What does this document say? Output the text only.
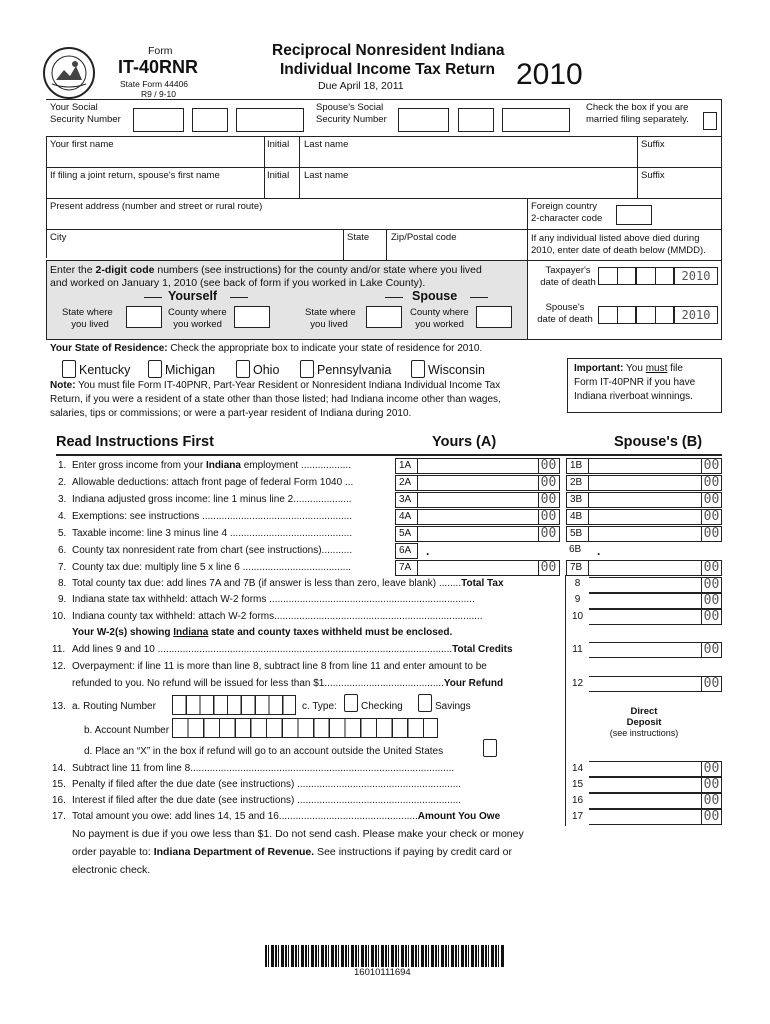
Form
IT-40RNR
State Form 44406
R9 / 9-10
Reciprocal Nonresident Indiana
Individual Income Tax Return
Due April 18, 2011	2010
Your Social
Security Number
Spouse's Social
Security Number
Check the box if you are
married filing separately.
Your first name	Initial Last name	Suffix
If filing a joint return, spouse's first name	Initial Last name	Suffix
Present address (number and street or rural route)	Foreign country
2-character code
City	State Zip/Postal code	If any individual listed above died during
2010, enter date of death below (MMDD).
Enter the 2-digit code numbers (see instructions) for the county and/or state where you lived
and worked on January 1, 2010 (see back of form if you worked in Lake County).
Yourself	Spouse
State where
you lived
County where
you worked
State where
you lived
County where
you worked
Taxpayer's
date of death	2010
Spouse's
date of death	2010
Your State of Residence: Check the appropriate box to indicate your state of residence for 2010.
Kentucky	Michigan	Ohio	Pennsylvania	Wisconsin
Note: You must file Form IT-40PNR, Part-Year Resident or Nonresident Indiana Individual Income Tax
Return, if you were a resident of a state other than those listed; had Indiana income other than wages,
salaries, tips or commissions; or were a part-year resident of Indiana during 2010.
Important: You must file
Form IT-40PNR if you have
Indiana riverboat winnings.
Read Instructions First	Yours (A)	Spouse's (B)
1. Enter gross income from your Indiana employment ..................	1A	00	1B	00
2. Allowable deductions: attach front page of federal Form 1040 ...	2A	00	2B	00
3. Indiana adjusted gross income: line 1 minus line 2.....................	3A	00	3B	00
4. Exemptions: see instructions ......................................................	4A	00	4B	00
5. Taxable income: line 3 minus line 4 ............................................	5A	00	5B	00
6. County tax nonresident rate from chart (see instructions)...........	6A	.	6B	.
7. County tax due: multiply line 5 x line 6 .......................................	7A	00	7B	00
8. Total county tax due: add lines 7A and 7B (if answer is less than zero, leave blank) ........Total Tax	8	00
9. Indiana state tax withheld: attach W-2 forms ..........................................................................	9	00
10. Indiana county tax withheld: attach W-2 forms...........................................................................	10	00
Your W-2(s) showing Indiana state and county taxes withheld must be enclosed.
11. Add lines 9 and 10 ..........................................................................................................Total Credits	11	00
12. Overpayment: if line 11 is more than line 8, subtract line 8 from line 11 and enter amount to be
refunded to you. No refund will be issued for less than $1...........................................Your Refund	12	00
13. a. Routing Number	c. Type: Checking	Savings
b. Account Number
Direct
Deposit
(see instructions)
d. Place an “X” in the box if refund will go to an account outside the United States
14. Subtract line 11 from line 8...............................................................................................	14	00
15. Penalty if filed after the due date (see instructions) ...........................................................	15	00
16. Interest if filed after the due date (see instructions) ...........................................................	16	00
17. Total amount you owe: add lines 14, 15 and 16..................................................Amount You Owe	17	00
No payment is due if you owe less than $1. Do not send cash. Please make your check or money
order payable to: Indiana Department of Revenue. See instructions if paying by credit card or
electronic check.
16010111694
